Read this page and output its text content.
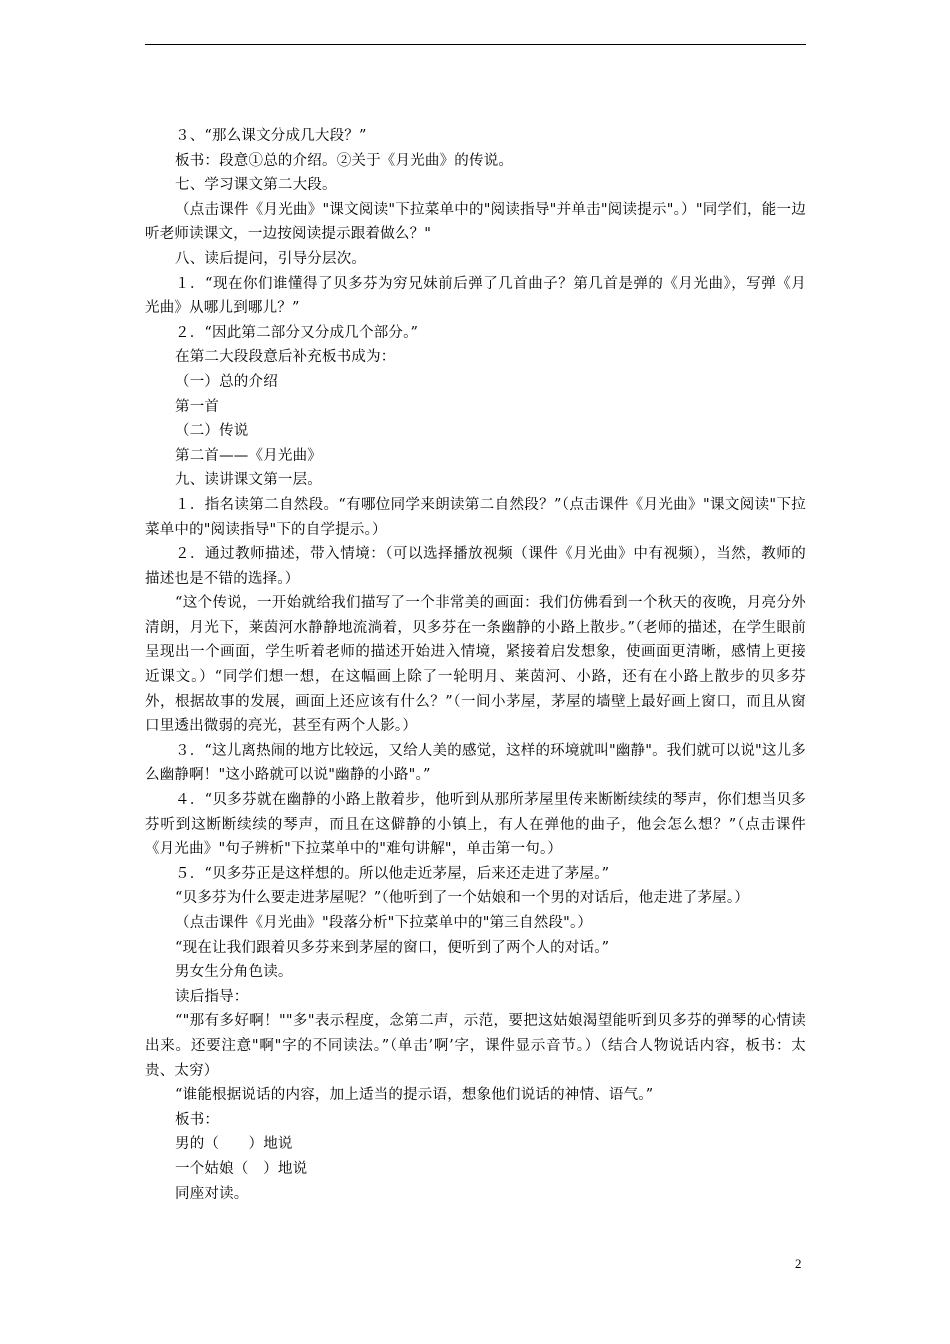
３、“那么课文分成几大段？”

板书：段意①总的介绍。②关于《月光曲》的传说。

七、学习课文第二大段。

（点击课件《月光曲》"课文阅读"下拉菜单中的"阅读指导"并单击"阅读提示"。）"同学们，能一边听老师读课文，一边按阅读提示跟着做么？"

八、读后提问，引导分层次。

１．“现在你们谁懂得了贝多芬为穷兄妹前后弹了几首曲子？第几首是弹的《月光曲》，写弹《月光曲》从哪儿到哪儿？”

２．“因此第二部分又分成几个部分。”

在第二大段段意后补充板书成为：

（一）总的介绍

第一首

（二）传说

第二首——《月光曲》

九、读讲课文第一层。

１．指名读第二自然段。“有哪位同学来朗读第二自然段？”（点击课件《月光曲》"课文阅读"下拉菜单中的"阅读指导"下的自学提示。）

２．通过教师描述，带入情境：（可以选择播放视频（课件《月光曲》中有视频），当然，教师的描述也是不错的选择。）

“这个传说，一开始就给我们描写了一个非常美的画面：我们仿佛看到一个秋天的夜晚，月亮分外清朗，月光下，莱茵河水静静地流淌着，贝多芬在一条幽静的小路上散步。”（老师的描述，在学生眼前呈现出一个画面，学生听着老师的描述开始进入情境，紧接着启发想象，使画面更清晰，感情上更接近课文。）“同学们想一想，在这幅画上除了一轮明月、莱茵河、小路，还有在小路上散步的贝多芬外，根据故事的发展，画面上还应该有什么？”（一间小茅屋，茅屋的墙壁上最好画上窗口，而且从窗口里透出微弱的亮光，甚至有两个人影。）

３．“这儿离热闹的地方比较远，又给人美的感觉，这样的环境就叫"幽静"。我们就可以说"这儿多么幽静啊！"这小路就可以说"幽静的小路"。”

４．“贝多芬就在幽静的小路上散着步，他听到从那所茅屋里传来断断续续的琴声，你们想当贝多芬听到这断断续续的琴声，而且在这僻静的小镇上，有人在弹他的曲子，他会怎么想？”（点击课件《月光曲》"句子辨析"下拉菜单中的"难句讲解"，单击第一句。）

５．“贝多芬正是这样想的。所以他走近茅屋，后来还走进了茅屋。”

“贝多芬为什么要走进茅屋呢？”（他听到了一个姑娘和一个男的对话后，他走进了茅屋。）

（点击课件《月光曲》"段落分析"下拉菜单中的"第三自然段"。）

“现在让我们跟着贝多芬来到茅屋的窗口，便听到了两个人的对话。”

男女生分角色读。

读后指导：

“"那有多好啊！""多"表示程度，念第二声，示范，要把这姑娘渴望能听到贝多芬的弹琴的心情读出来。还要注意"啊"字的不同读法。”（单击’啊’字，课件显示音节。）（结合人物说话内容，板书：太贵、太穷）

“谁能根据说话的内容，加上适当的提示语，想象他们说话的神情、语气。”

板书：

男的（　　）地说

一个姑娘（　）地说

同座对读。

2
